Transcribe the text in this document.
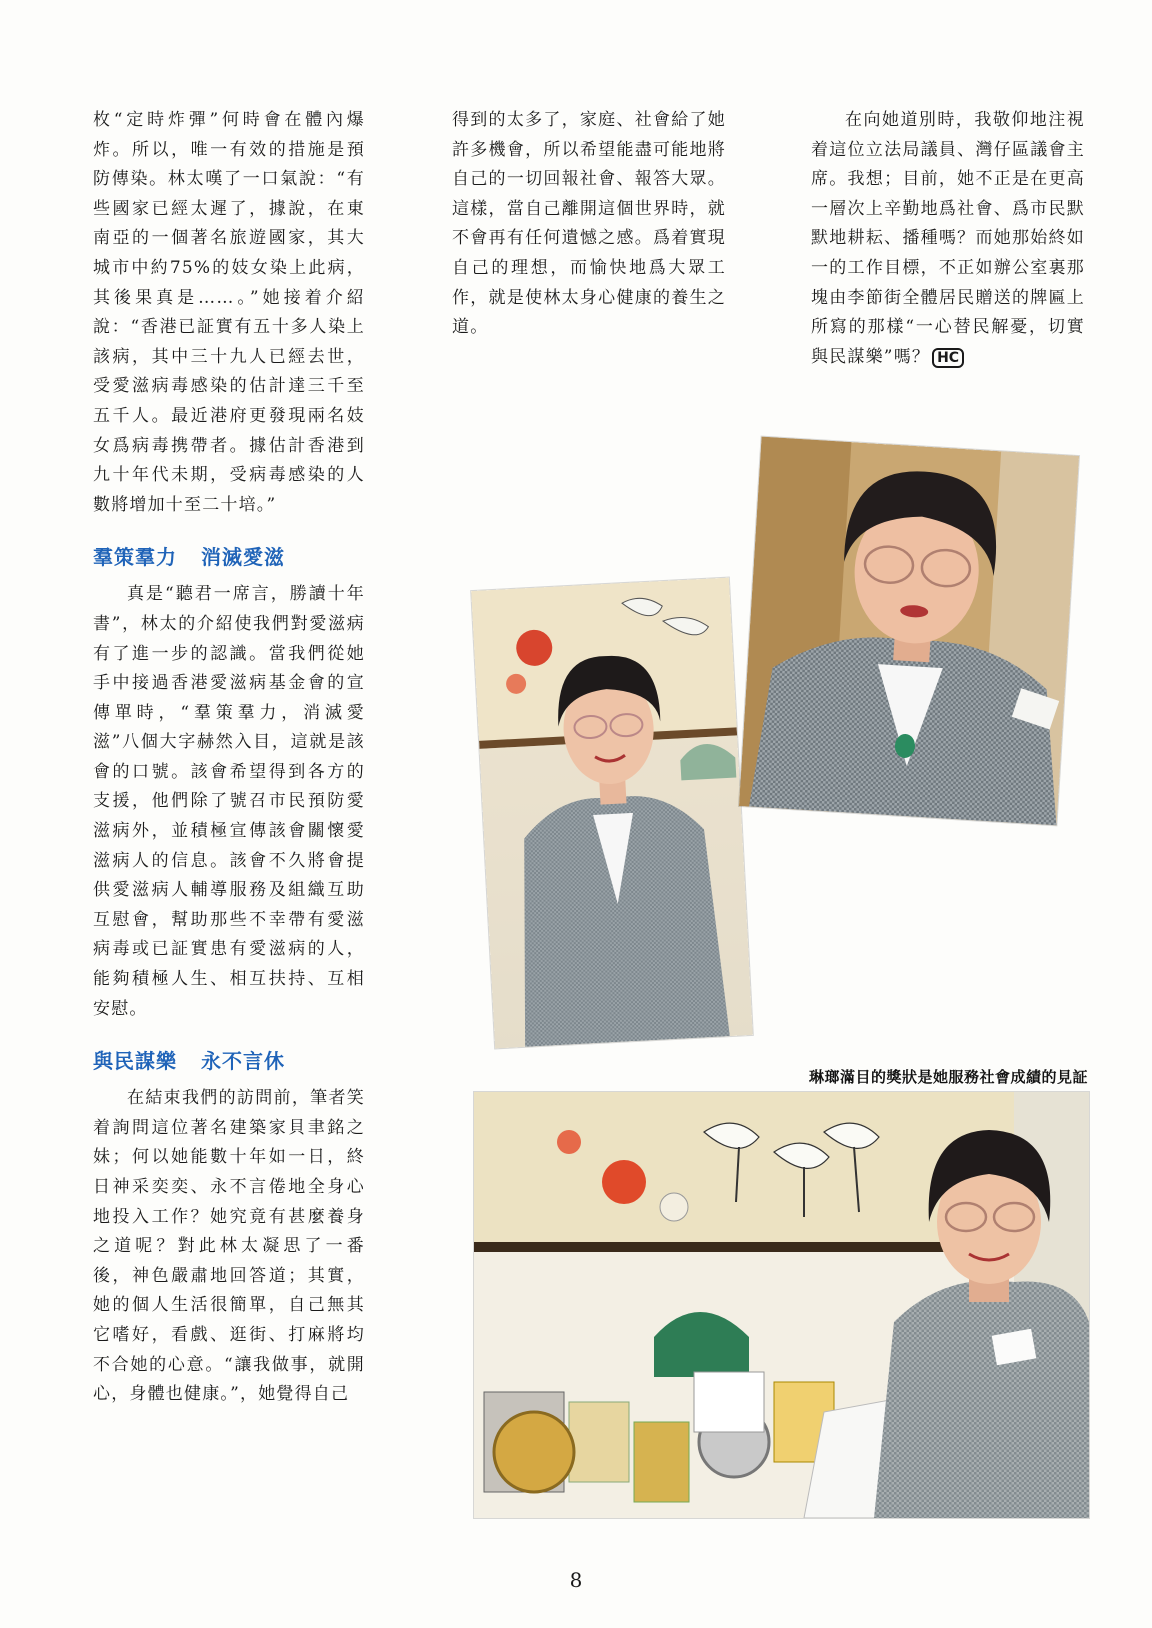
枚“定時炸彈”何時會在體內爆炸。所以，唯一有效的措施是預防傳染。林太嘆了一口氣說：“有些國家已經太遲了，據說，在東南亞的一個著名旅遊國家，其大城市中約75%的妓女染上此病，其後果真是……。”她接着介紹說：“香港已証實有五十多人染上該病，其中三十九人已經去世，受愛滋病毒感染的估計達三千至五千人。最近港府更發現兩名妓女爲病毒携帶者。據估計香港到九十年代未期，受病毒感染的人數將增加十至二十培。”

羣策羣力 消滅愛滋

真是“聽君一席言，勝讀十年書”，林太的介紹使我們對愛滋病有了進一步的認識。當我們從她手中接過香港愛滋病基金會的宣傳單時，“羣策羣力，消滅愛滋”八個大字赫然入目，這就是該會的口號。該會希望得到各方的支援，他們除了號召市民預防愛滋病外，並積極宣傳該會關懷愛滋病人的信息。該會不久將會提供愛滋病人輔導服務及組織互助互慰會，幫助那些不幸帶有愛滋病毒或已証實患有愛滋病的人，能夠積極人生、相互扶持、互相安慰。

與民謀樂 永不言休

在結束我們的訪問前，筆者笑着詢問這位著名建築家貝聿銘之妹；何以她能數十年如一日，終日神采奕奕、永不言倦地全身心地投入工作？她究竟有甚麼養身之道呢？對此林太凝思了一番後，神色嚴肅地回答道；其實，她的個人生活很簡單，自己無其它嗜好，看戲、逛街、打麻將均不合她的心意。“讓我做事，就開心，身體也健康。”，她覺得自己

得到的太多了，家庭、社會給了她許多機會，所以希望能盡可能地將自己的一切回報社會、報答大眾。這樣，當自己離開這個世界時，就不會再有任何遺憾之感。爲着實現自己的理想，而愉快地爲大眾工作，就是使林太身心健康的養生之道。

在向她道別時，我敬仰地注視着這位立法局議員、灣仔區議會主席。我想；目前，她不正是在更高一層次上辛勤地爲社會、爲市民默默地耕耘、播種嗎？而她那始終如一的工作目標，不正如辦公室裏那塊由李節街全體居民贈送的牌匾上所寫的那樣“一心替民解憂，切實與民謀樂”嗎？ HC

琳瑯滿目的獎狀是她服務社會成績的見証
8
